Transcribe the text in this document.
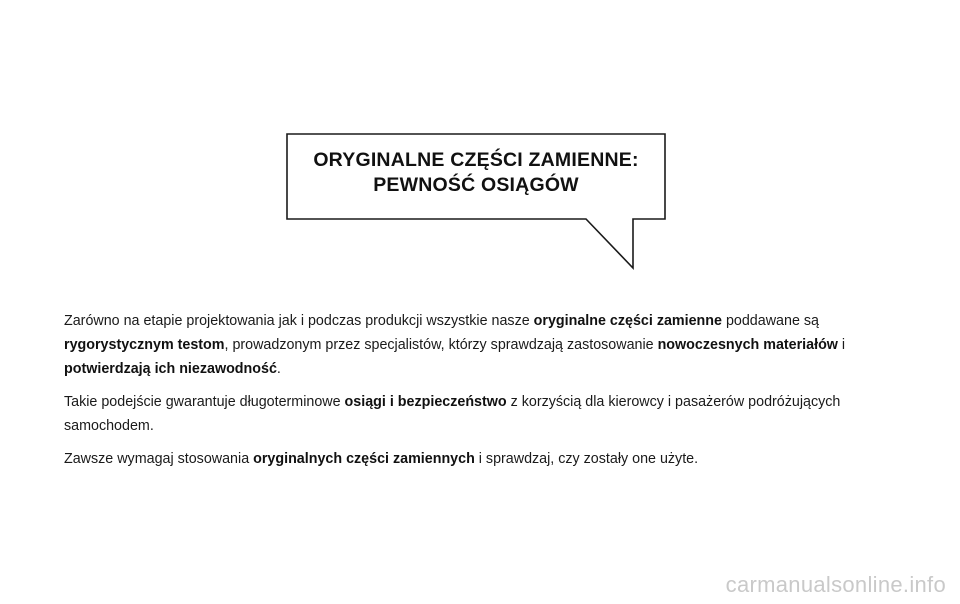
ORYGINALNE CZĘŚCI ZAMIENNE:
PEWNOŚĆ OSIĄGÓW

Zarówno na etapie projektowania jak i podczas produkcji wszystkie nasze oryginalne części zamienne poddawane są rygorystycznym testom, prowadzonym przez specjalistów, którzy sprawdzają zastosowanie nowoczesnych materiałów i potwierdzają ich niezawodność.

Takie podejście gwarantuje długoterminowe osiągi i bezpieczeństwo z korzyścią dla kierowcy i pasażerów podróżujących samochodem.

Zawsze wymagaj stosowania oryginalnych części zamiennych i sprawdzaj, czy zostały one użyte.

carmanualsonline.info
